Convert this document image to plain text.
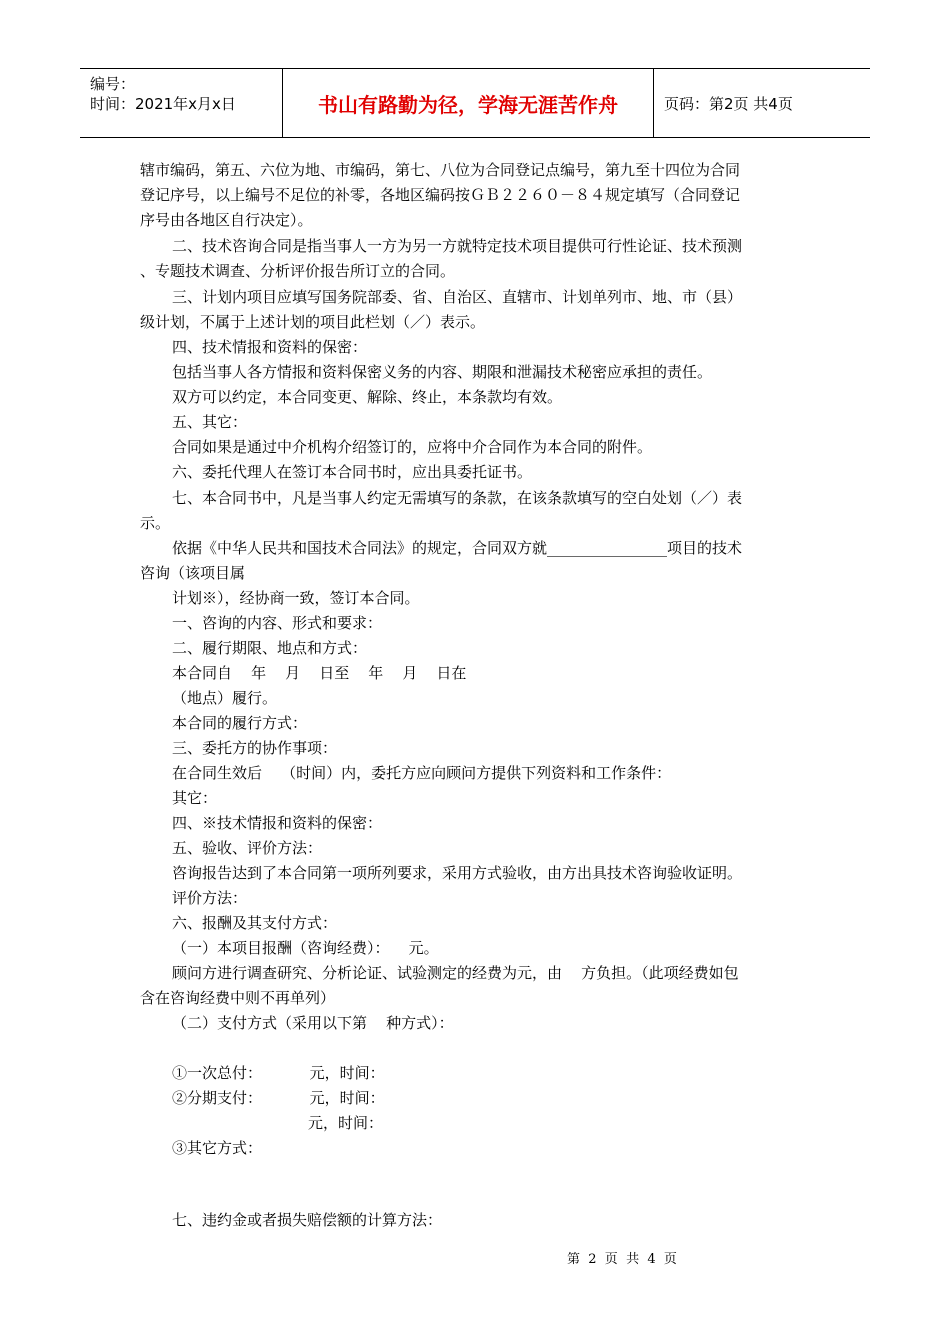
编号：
时间：2021年x月x日	书山有路勤为径，学海无涯苦作舟	页码：第2页 共4页
辖市编码，第五、六位为地、市编码，第七、八位为合同登记点编号，第九至十四位为合同
登记序号，以上编号不足位的补零，各地区编码按ＧＢ２２６０－８４规定填写（合同登记
序号由各地区自行决定）。
二、技术咨询合同是指当事人一方为另一方就特定技术项目提供可行性论证、技术预测
、专题技术调查、分析评价报告所订立的合同。
三、计划内项目应填写国务院部委、省、自治区、直辖市、计划单列市、地、市（县）
级计划，不属于上述计划的项目此栏划（／）表示。
四、技术情报和资料的保密：
包括当事人各方情报和资料保密义务的内容、期限和泄漏技术秘密应承担的责任。
双方可以约定，本合同变更、解除、终止，本条款均有效。
五、其它：
合同如果是通过中介机构介绍签订的，应将中介合同作为本合同的附件。
六、委托代理人在签订本合同书时，应出具委托证书。
七、本合同书中，凡是当事人约定无需填写的条款，在该条款填写的空白处划（／）表
示。
依据《中华人民共和国技术合同法》的规定，合同双方就________________项目的技术
咨询（该项目属
计划※），经协商一致，签订本合同。
一、咨询的内容、形式和要求：
二、履行期限、地点和方式：
本合同自    年    月    日至    年    月    日在
（地点）履行。
本合同的履行方式：
三、委托方的协作事项：
在合同生效后    （时间）内，委托方应向顾问方提供下列资料和工作条件：
其它：
四、※技术情报和资料的保密：
五、验收、评价方法：
咨询报告达到了本合同第一项所列要求，采用方式验收，由方出具技术咨询验收证明。
评价方法：
六、报酬及其支付方式：
（一）本项目报酬（咨询经费）：    元。
顾问方进行调查研究、分析论证、试验测定的经费为元，由    方负担。（此项经费如包
含在咨询经费中则不再单列）
（二）支付方式（采用以下第    种方式）：
①一次总付：          元，时间：
②分期支付：          元，时间：
元，时间：
③其它方式：
七、违约金或者损失赔偿额的计算方法：
第  2  页  共  4  页
